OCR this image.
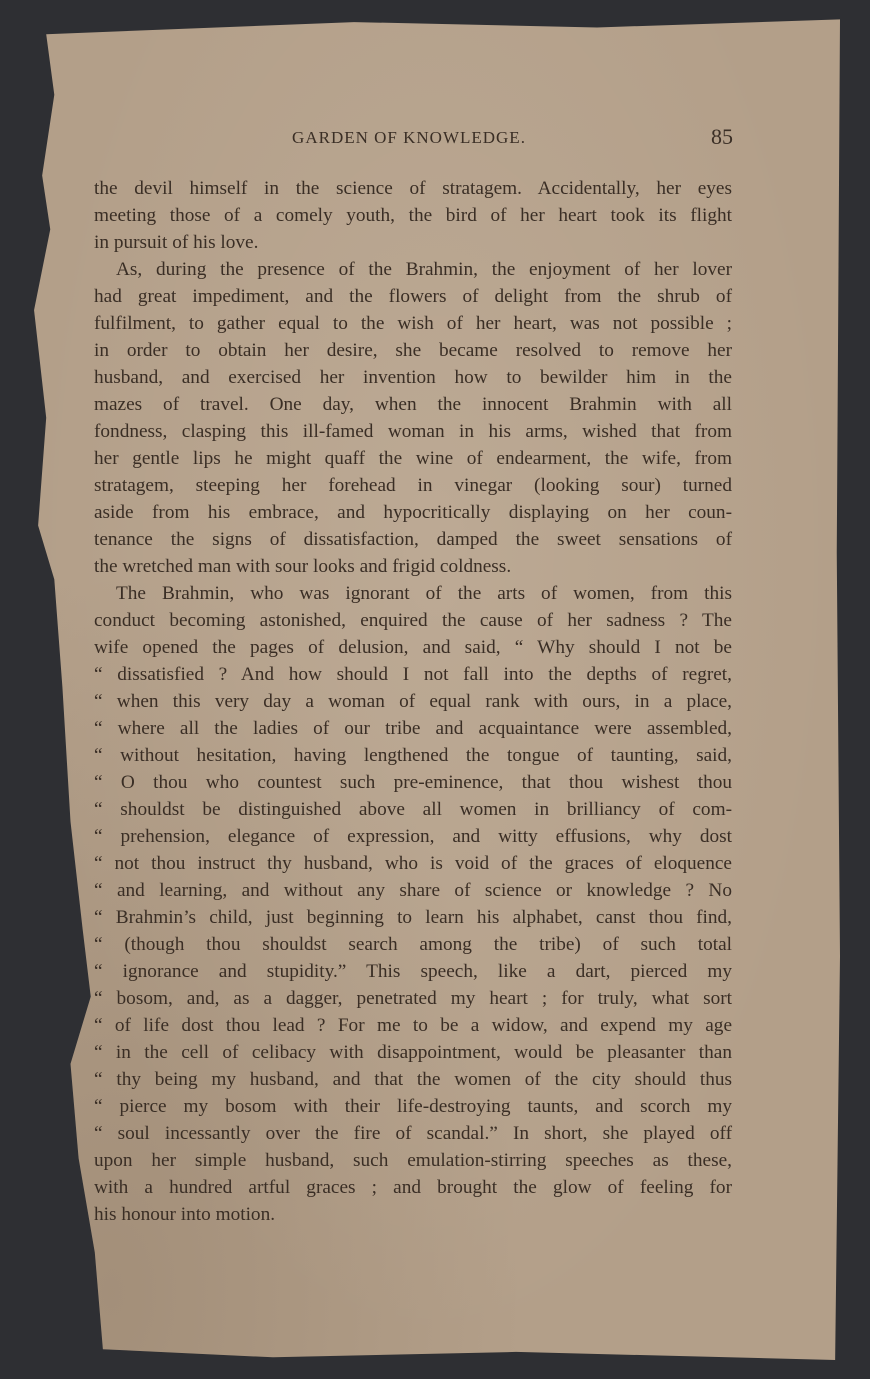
GARDEN OF KNOWLEDGE.	85
the devil himself in the science of stratagem. Accidentally, her eyes
meeting those of a comely youth, the bird of her heart took its flight
in pursuit of his love.
As, during the presence of the Brahmin, the enjoyment of her lover
had great impediment, and the flowers of delight from the shrub of
fulfilment, to gather equal to the wish of her heart, was not possible ;
in order to obtain her desire, she became resolved to remove her
husband, and exercised her invention how to bewilder him in the
mazes of travel. One day, when the innocent Brahmin with all
fondness, clasping this ill-famed woman in his arms, wished that from
her gentle lips he might quaff the wine of endearment, the wife, from
stratagem, steeping her forehead in vinegar (looking sour) turned
aside from his embrace, and hypocritically displaying on her coun-
tenance the signs of dissatisfaction, damped the sweet sensations of
the wretched man with sour looks and frigid coldness.
The Brahmin, who was ignorant of the arts of women, from this
conduct becoming astonished, enquired the cause of her sadness ? The
wife opened the pages of delusion, and said, “ Why should I not be
“ dissatisfied ? And how should I not fall into the depths of regret,
“ when this very day a woman of equal rank with ours, in a place,
“ where all the ladies of our tribe and acquaintance were assembled,
“ without hesitation, having lengthened the tongue of taunting, said,
“ O thou who countest such pre-eminence, that thou wishest thou
“ shouldst be distinguished above all women in brilliancy of com-
“ prehension, elegance of expression, and witty effusions, why dost
“ not thou instruct thy husband, who is void of the graces of eloquence
“ and learning, and without any share of science or knowledge ? No
“ Brahmin’s child, just beginning to learn his alphabet, canst thou find,
“ (though thou shouldst search among the tribe) of such total
“ ignorance and stupidity.” This speech, like a dart, pierced my
“ bosom, and, as a dagger, penetrated my heart ; for truly, what sort
“ of life dost thou lead ? For me to be a widow, and expend my age
“ in the cell of celibacy with disappointment, would be pleasanter than
“ thy being my husband, and that the women of the city should thus
“ pierce my bosom with their life-destroying taunts, and scorch my
“ soul incessantly over the fire of scandal.” In short, she played off
upon her simple husband, such emulation-stirring speeches as these,
with a hundred artful graces ; and brought the glow of feeling for
his honour into motion.
